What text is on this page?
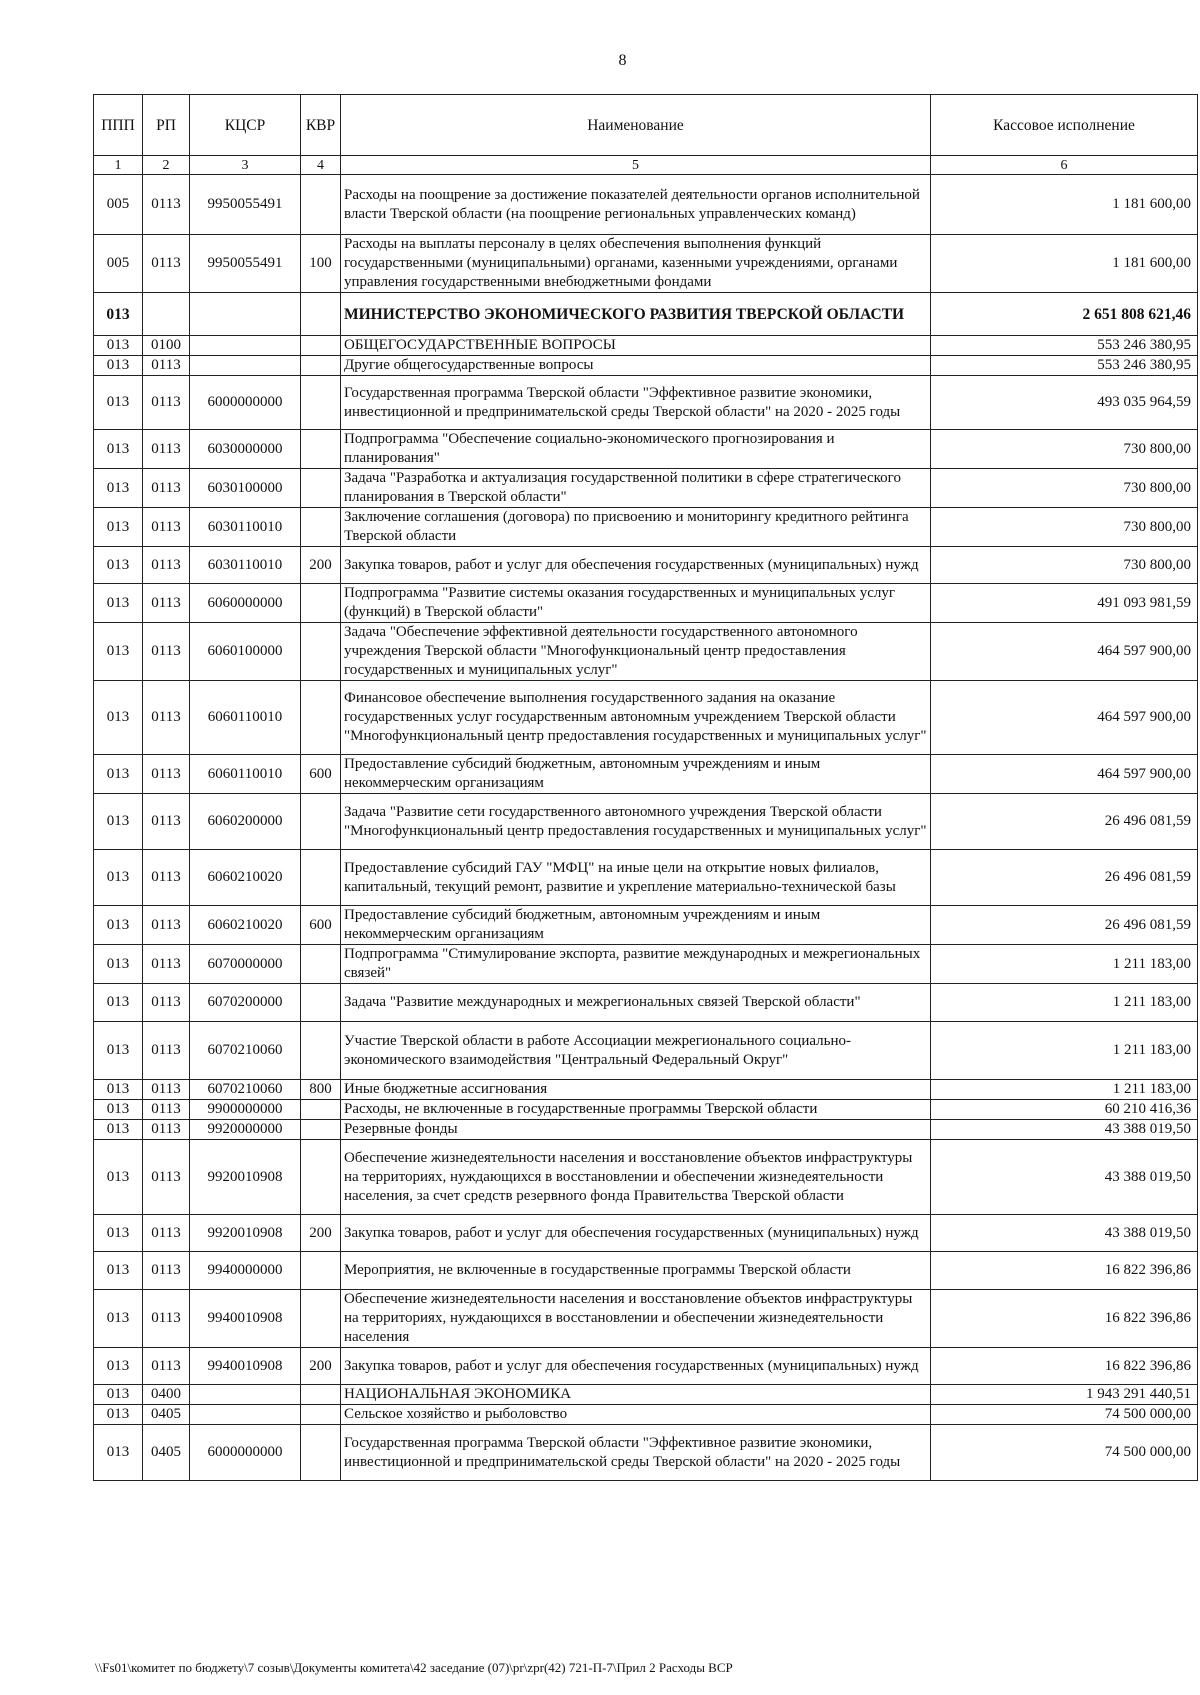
8
ППП	РП	КЦСР	КВР	Наименование	Кассовое исполнение
1	2	3	4	5	6
005	0113	9950055491		Расходы на поощрение за достижение показателей деятельности органов исполнительной власти Тверской области (на поощрение региональных управленческих команд)	1 181 600,00
005	0113	9950055491	100	Расходы на выплаты персоналу в целях обеспечения выполнения функций государственными (муниципальными) органами, казенными учреждениями, органами управления государственными внебюджетными фондами	1 181 600,00
013				МИНИСТЕРСТВО ЭКОНОМИЧЕСКОГО РАЗВИТИЯ ТВЕРСКОЙ ОБЛАСТИ	2 651 808 621,46
013	0100			ОБЩЕГОСУДАРСТВЕННЫЕ ВОПРОСЫ	553 246 380,95
013	0113			Другие общегосударственные вопросы	553 246 380,95
013	0113	6000000000		Государственная программа Тверской области "Эффективное развитие экономики, инвестиционной и предпринимательской среды Тверской области" на 2020 - 2025 годы	493 035 964,59
013	0113	6030000000		Подпрограмма "Обеспечение социально-экономического прогнозирования и планирования"	730 800,00
013	0113	6030100000		Задача "Разработка и актуализация государственной политики в сфере стратегического планирования в Тверской области"	730 800,00
013	0113	6030110010		Заключение соглашения (договора) по присвоению и мониторингу кредитного рейтинга Тверской области	730 800,00
013	0113	6030110010	200	Закупка товаров, работ и услуг для обеспечения государственных (муниципальных) нужд	730 800,00
013	0113	6060000000		Подпрограмма "Развитие системы оказания государственных и муниципальных услуг (функций) в Тверской области"	491 093 981,59
013	0113	6060100000		Задача "Обеспечение эффективной деятельности государственного автономного учреждения Тверской области "Многофункциональный центр предоставления государственных и муниципальных услуг"	464 597 900,00
013	0113	6060110010		Финансовое обеспечение выполнения государственного задания на оказание государственных услуг государственным автономным учреждением Тверской области "Многофункциональный центр предоставления государственных и муниципальных услуг"	464 597 900,00
013	0113	6060110010	600	Предоставление субсидий бюджетным, автономным учреждениям и иным некоммерческим организациям	464 597 900,00
013	0113	6060200000		Задача "Развитие сети государственного автономного учреждения Тверской области "Многофункциональный центр предоставления государственных и муниципальных услуг"	26 496 081,59
013	0113	6060210020		Предоставление субсидий ГАУ "МФЦ" на иные цели на открытие новых филиалов, капитальный, текущий ремонт, развитие и укрепление материально-технической базы	26 496 081,59
013	0113	6060210020	600	Предоставление субсидий бюджетным, автономным учреждениям и иным некоммерческим организациям	26 496 081,59
013	0113	6070000000		Подпрограмма "Стимулирование экспорта, развитие международных и межрегиональных связей"	1 211 183,00
013	0113	6070200000		Задача "Развитие международных и межрегиональных связей Тверской области"	1 211 183,00
013	0113	6070210060		Участие Тверской области в работе Ассоциации межрегионального социально-экономического взаимодействия "Центральный Федеральный Округ"	1 211 183,00
013	0113	6070210060	800	Иные бюджетные ассигнования	1 211 183,00
013	0113	9900000000		Расходы, не включенные в государственные программы Тверской области	60 210 416,36
013	0113	9920000000		Резервные фонды	43 388 019,50
013	0113	9920010908		Обеспечение жизнедеятельности населения и восстановление объектов инфраструктуры на территориях, нуждающихся в восстановлении и обеспечении жизнедеятельности населения, за счет средств резервного фонда Правительства Тверской области	43 388 019,50
013	0113	9920010908	200	Закупка товаров, работ и услуг для обеспечения государственных (муниципальных) нужд	43 388 019,50
013	0113	9940000000		Мероприятия, не включенные в государственные программы Тверской области	16 822 396,86
013	0113	9940010908		Обеспечение жизнедеятельности населения и восстановление объектов инфраструктуры на территориях, нуждающихся в восстановлении и обеспечении жизнедеятельности населения	16 822 396,86
013	0113	9940010908	200	Закупка товаров, работ и услуг для обеспечения государственных (муниципальных) нужд	16 822 396,86
013	0400			НАЦИОНАЛЬНАЯ ЭКОНОМИКА	1 943 291 440,51
013	0405			Сельское хозяйство и рыболовство	74 500 000,00
013	0405	6000000000		Государственная программа Тверской области "Эффективное развитие экономики, инвестиционной и предпринимательской среды Тверской области" на 2020 - 2025 годы	74 500 000,00
\\Fs01\комитет по бюджету\7 созыв\Документы комитета\42 заседание (07)\pr\zpr(42) 721-П-7\Прил 2 Расходы ВСР
